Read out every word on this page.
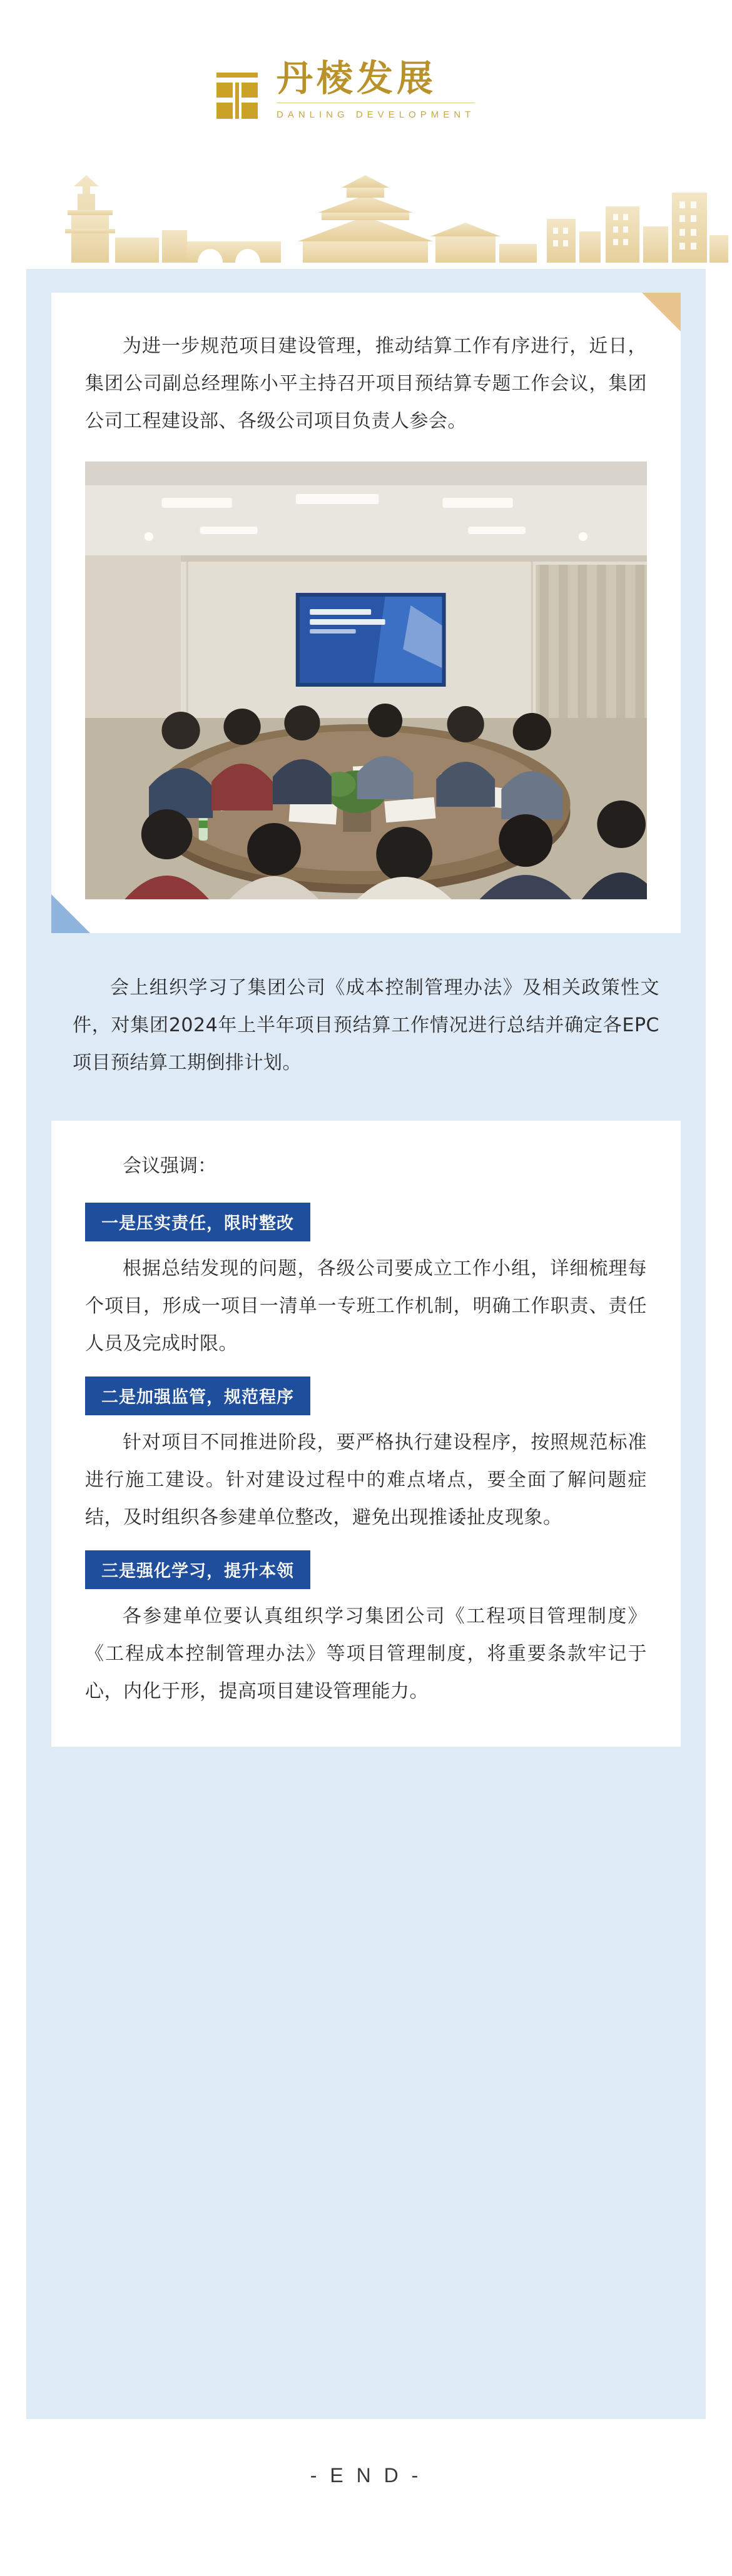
丹棱发展
DANLING DEVELOPMENT

为进一步规范项目建设管理，推动结算工作有序进行，近日，集团公司副总经理陈小平主持召开项目预结算专题工作会议，集团公司工程建设部、各级公司项目负责人参会。

会上组织学习了集团公司《成本控制管理办法》及相关政策性文件，对集团2024年上半年项目预结算工作情况进行总结并确定各EPC项目预结算工期倒排计划。

会议强调：

一是压实责任，限时整改

根据总结发现的问题，各级公司要成立工作小组，详细梳理每个项目，形成一项目一清单一专班工作机制，明确工作职责、责任人员及完成时限。

二是加强监管，规范程序

针对项目不同推进阶段，要严格执行建设程序，按照规范标准进行施工建设。针对建设过程中的难点堵点，要全面了解问题症结，及时组织各参建单位整改，避免出现推诿扯皮现象。

三是强化学习，提升本领

各参建单位要认真组织学习集团公司《工程项目管理制度》《工程成本控制管理办法》等项目管理制度，将重要条款牢记于心，内化于形，提高项目建设管理能力。

- E N D -
